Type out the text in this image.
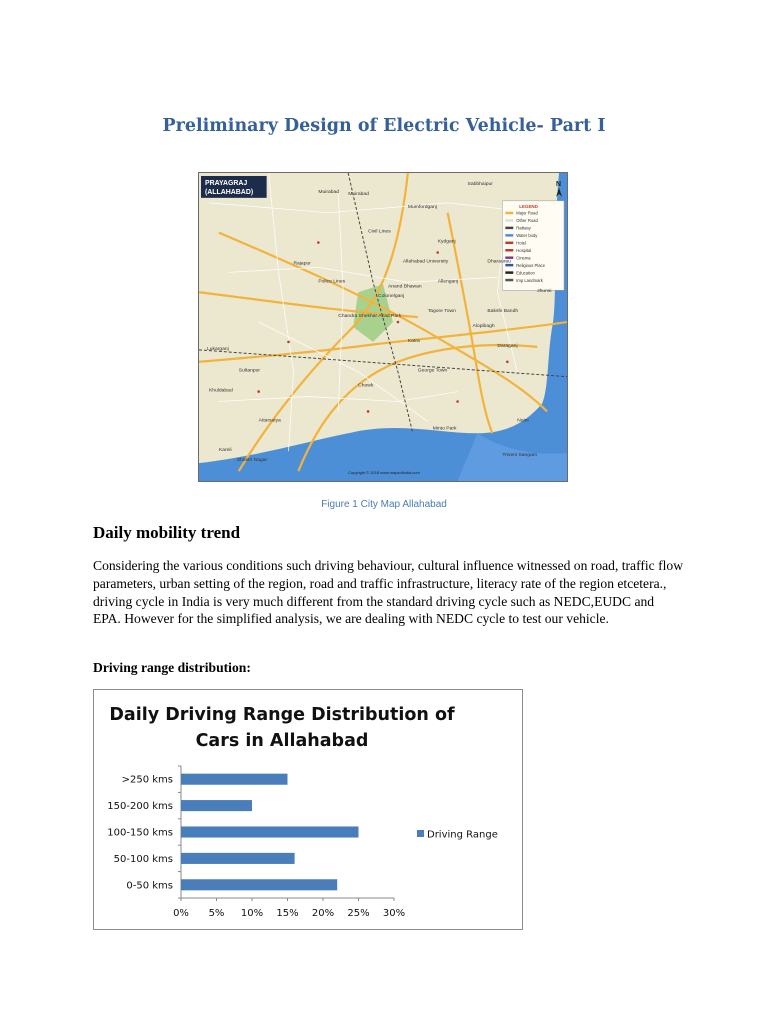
Preliminary Design of Electric Vehicle- Part I
PRAYAGRAJ
(ALLAHABAD)
N
LEGEND
Major Road
Other Road
Railway
Water body
Hotel
Hospital
Cinema
Religious Place
Education
Imp Landmark
Muirabad
Mumfordganj
Sabbhaipur
Kydganj
Rajapur
Police Lines
Allahabad University
Allenganj
Dharaurau
Naini
Colonelganj
Katra
Khuldabad
Kareli
Attarsuiya
Daraganj
Alopibagh
Sultanpur
Chowk
Civil Lines
George Town
Tagore Town	Bakshi Bandh
Jhunsi
Triveni Sangam
Minto Park
Anand Bhawan
Chandra Shekhar Azad Park
Muirabad
Lukarganj
Shastri Nagar
Copyright © 2018 www.mapsofindia.com
Figure 1 City Map Allahabad
Daily mobility trend

Considering the various conditions such driving behaviour, cultural influence witnessed on road, traffic flow parameters, urban setting of the region, road and traffic infrastructure, literacy rate of the region etcetera., driving cycle in India is very much different from the standard driving cycle such as NEDC,EUDC and EPA. However for the simplified analysis, we are dealing with NEDC cycle to test our vehicle.

Driving range distribution:
Daily Driving Range Distribution of
Cars in Allahabad
0% 5% 10% 15% 20% 25% 30%
0-50 kms
50-100 kms
100-150 kms
150-200 kms
>250 kms
Driving Range
